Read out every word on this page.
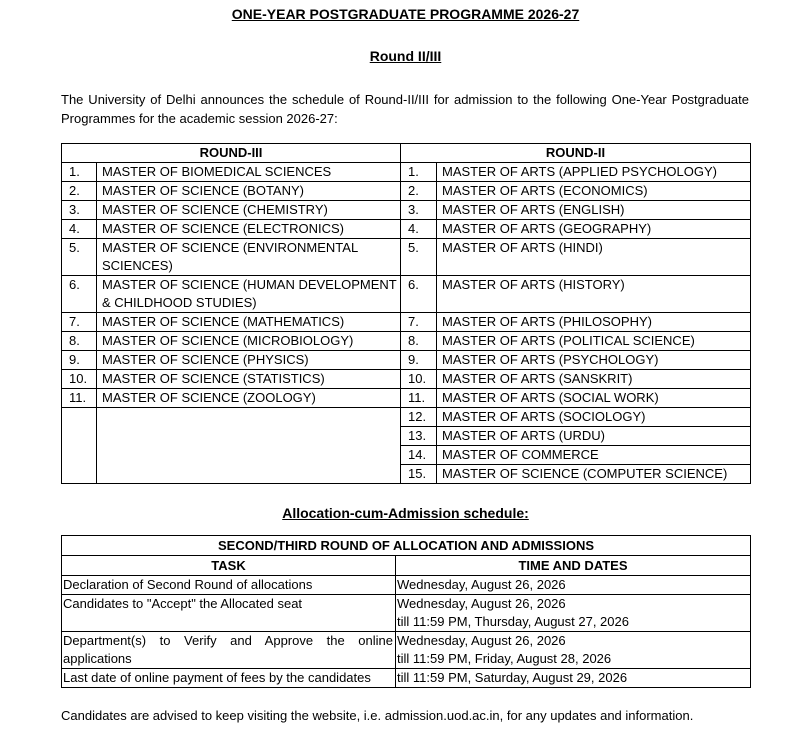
ONE-YEAR POSTGRADUATE PROGRAMME 2026-27
Round II/III
The University of Delhi announces the schedule of Round-II/III for admission to the following One-Year Postgraduate Programmes for the academic session 2026-27:
ROUND-III		ROUND-II	
1.	MASTER OF BIOMEDICAL SCIENCES	1.	MASTER OF ARTS (APPLIED PSYCHOLOGY)
2.	MASTER OF SCIENCE (BOTANY)	2.	MASTER OF ARTS (ECONOMICS)
3.	MASTER OF SCIENCE (CHEMISTRY)	3.	MASTER OF ARTS (ENGLISH)
4.	MASTER OF SCIENCE (ELECTRONICS)	4.	MASTER OF ARTS (GEOGRAPHY)
5.	MASTER OF SCIENCE (ENVIRONMENTAL SCIENCES)	5.	MASTER OF ARTS (HINDI)
6.	MASTER OF SCIENCE (HUMAN DEVELOPMENT & CHILDHOOD STUDIES)	6.	MASTER OF ARTS (HISTORY)
7.	MASTER OF SCIENCE (MATHEMATICS)	7.	MASTER OF ARTS (PHILOSOPHY)
8.	MASTER OF SCIENCE (MICROBIOLOGY)	8.	MASTER OF ARTS (POLITICAL SCIENCE)
9.	MASTER OF SCIENCE (PHYSICS)	9.	MASTER OF ARTS (PSYCHOLOGY)
10.	MASTER OF SCIENCE (STATISTICS)	10.	MASTER OF ARTS (SANSKRIT)
11.	MASTER OF SCIENCE (ZOOLOGY)	11.	MASTER OF ARTS (SOCIAL WORK)
		12.	MASTER OF ARTS (SOCIOLOGY)
		13.	MASTER OF ARTS (URDU)
		14.	MASTER OF COMMERCE
		15.	MASTER OF SCIENCE (COMPUTER SCIENCE)
Allocation-cum-Admission schedule:
SECOND/THIRD ROUND OF ALLOCATION AND ADMISSIONS	
TASK	TIME AND DATES
Declaration of Second Round of allocations	Wednesday, August 26, 2026

Candidates to "Accept" the Allocated seat	Wednesday, August 26, 2026
till 11:59 PM, Thursday, August 27, 2026

Department(s) to Verify and Approve the online applications	Wednesday, August 26, 2026
till 11:59 PM, Friday, August 28, 2026

Last date of online payment of fees by the candidates	till 11:59 PM, Saturday, August 29, 2026
Candidates are advised to keep visiting the website, i.e. admission.uod.ac.in, for any updates and information.
